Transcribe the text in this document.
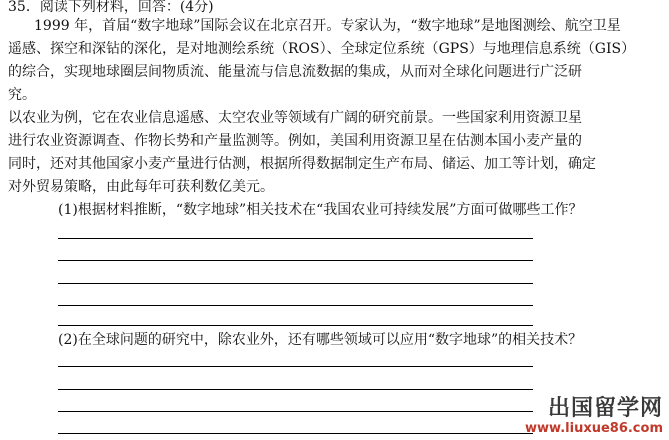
35．阅读下列材料，回答：(4分)
1999 年，首届“数字地球”国际会议在北京召开。专家认为，“数字地球”是地图测绘、航空卫星
遥感、探空和深钻的深化，是对地测绘系统（ROS）、全球定位系统（GPS）与地理信息系统（GIS）
的综合，实现地球圈层间物质流、能量流与信息流数据的集成，从而对全球化问题进行广泛研
究。
以农业为例，它在农业信息遥感、太空农业等领域有广阔的研究前景。一些国家利用资源卫星
进行农业资源调查、作物长势和产量监测等。例如，美国利用资源卫星在估测本国小麦产量的
同时，还对其他国家小麦产量进行估测，根据所得数据制定生产布局、储运、加工等计划，确定
对外贸易策略，由此每年可获利数亿美元。
(1)根据材料推断，“数字地球”相关技术在“我国农业可持续发展”方面可做哪些工作？
(2)在全球问题的研究中，除农业外，还有哪些领域可以应用“数字地球”的相关技术？
出国留学网
www.liuxue86.com
